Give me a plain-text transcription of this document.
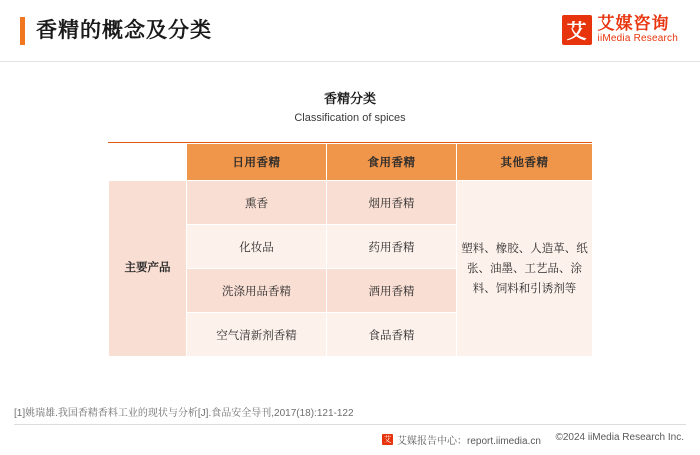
香精的概念及分类	艾 艾媒咨询
iiMedia Research
香精分类
Classification of spices
	日用香精	食用香精	其他香精
主要产品	熏香	烟用香精	塑料、橡胶、人造革、纸张、油墨、工艺品、涂料、饲料和引诱剂等
	化妆品	药用香精	
	洗涤用品香精	酒用香精	
	空气清新剂香精	食品香精	
[1]姚瑞雄.我国香精香料工业的现状与分析[J].食品安全导刊,2017(18):121-122
艾 艾媒报告中心：report.iimedia.cn ©2024 iiMedia Research Inc.
